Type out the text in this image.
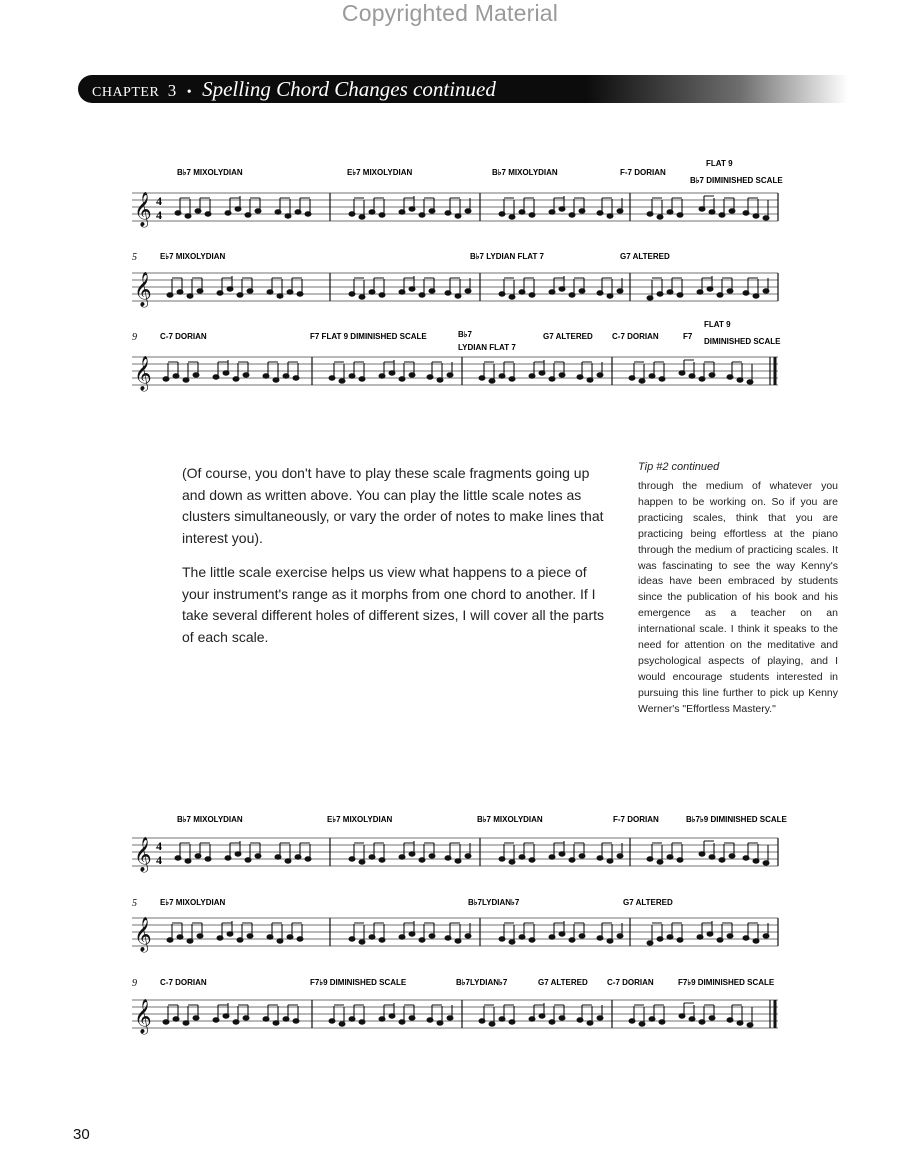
Copyrighted Material
CHAPTER 3 • Spelling Chord Changes continued
B♭7 MIXOLYDIAN	E♭7 MIXOLYDIAN	B♭7 MIXOLYDIAN	F-7 DORIAN
B♭7 DIMINISHED SCALE
FLAT 9
𝄞 4
4
5	E♭7 MIXOLYDIAN	B♭7 LYDIAN FLAT 7	G7 ALTERED
𝄞
9	C-7 DORIAN	F7 FLAT 9 DIMINISHED SCALE	B♭7
LYDIAN FLAT 7
G7 ALTERED C-7 DORIAN	F7
FLAT 9
DIMINISHED SCALE
𝄞

(Of course, you don't have to play these scale fragments going up and down as written above. You can play the little scale notes as clusters simultaneously, or vary the order of notes to make lines that interest you).

The little scale exercise helps us view what happens to a piece of your instrument's range as it morphs from one chord to another. If I take several different holes of different sizes, I will cover all the parts of each scale.

Tip #2 continued
through the medium of whatever you happen to be working on. So if you are practicing scales, think that you are practicing being effortless at the piano through the medium of practicing scales. It was fascinating to see the way Kenny's ideas have been embraced by students since the publication of his book and his emergence as a teacher on an international scale. I think it speaks to the need for attention on the meditative and psychological aspects of playing, and I would encourage students interested in pursuing this line further to pick up Kenny Werner's "Effortless Mastery."
B♭7 MIXOLYDIAN	E♭7 MIXOLYDIAN	B♭7 MIXOLYDIAN	F-7 DORIAN	B♭7♭9 DIMINISHED SCALE
𝄞 4
4
5	E♭7 MIXOLYDIAN	B♭7LYDIAN♭7	G7 ALTERED
𝄞
9	C-7 DORIAN	F7♭9 DIMINISHED SCALE	B♭7LYDIAN♭7	G7 ALTERED C-7 DORIAN	F7♭9 DIMINISHED SCALE
𝄞
30
